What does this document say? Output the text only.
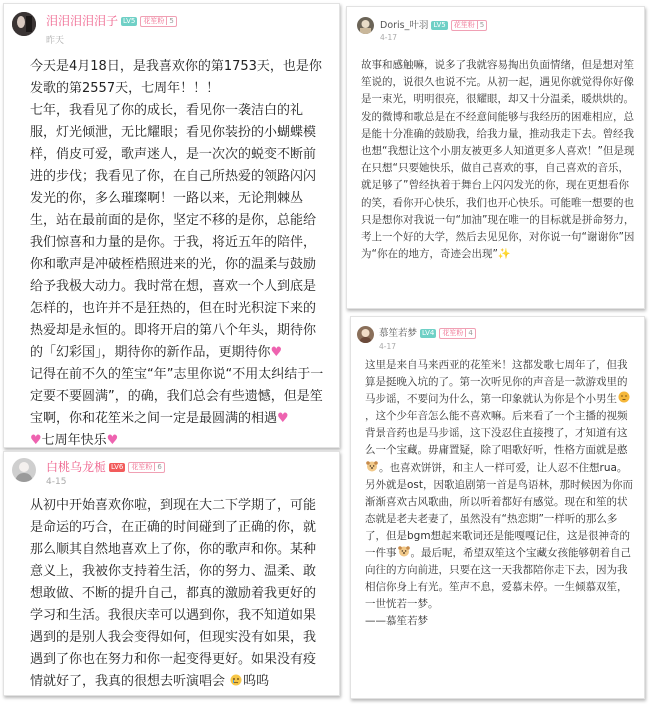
泪泪泪泪泪子 LV5 花笙粉 5
昨天
今天是4月18日，是我喜欢你的第1753天，也是你发歌的第2557天，七周年！！！
七年，我看见了你的成长，看见你一袭洁白的礼服，灯光倾泄，无比耀眼；看见你装扮的小蝴蝶模样，俏皮可爱，歌声迷人，是一次次的蜕变不断前进的步伐；我看见了你，在自己所热爱的领路闪闪发光的你，多么璀璨啊！一路以来，无论荆棘丛生，站在最前面的是你，坚定不移的是你，总能给我们惊喜和力量的是你。于我，将近五年的陪伴，你和歌声是冲破桎梏照进来的光，你的温柔与鼓励给予我极大动力。我时常在想，喜欢一个人到底是怎样的，也许并不是狂热的，但在时光积淀下来的热爱却是永恒的。即将开启的第八个年头，期待你的「幻彩国」，期待你的新作品，更期待你♥
记得在前不久的笙宝“年”志里你说“不用太纠结于一定要不要圆满”，的确，我们总会有些遗憾，但是笙宝啊，你和花笙米之间一定是最圆满的相遇♥
♥七周年快乐♥
白桃乌龙栀 LV6 花笙粉 6
4-15
从初中开始喜欢你啦，到现在大二下学期了，可能是命运的巧合，在正确的时间碰到了正确的你，就那么顺其自然地喜欢上了你，你的歌声和你。某种意义上，我被你支持着生活，你的努力、温柔、敢想敢做、不断的提升自己，都真的激励着我更好的学习和生活。我很庆幸可以遇到你，我不知道如果遇到的是别人我会变得如何，但现实没有如果，我遇到了你也在努力和你一起变得更好。如果没有疫情就好了，我真的很想去听演唱会 呜呜
Doris_叶羽 LV5 花笙粉 5
4-17
故事和感触嘛，说多了我就容易掏出负面情绪，但是想对笙笙说的，说很久也说不完。从初一起，遇见你就觉得你好像是一束光，明明很亮，很耀眼，却又十分温柔，暖烘烘的。发的微博和歌总是在不经意间能够与我经历的困难相应，总是能十分准确的鼓励我，给我力量，推动我走下去。曾经我也想“我想让这个小朋友被更多人知道更多人喜欢！”但是现在只想“只要她快乐，做自己喜欢的事，自己喜欢的音乐，就足够了”曾经执着于舞台上闪闪发光的你，现在更想看你的笑，看你开心快乐，我们也开心快乐。可能唯一想要的也只是想你对我说一句“加油”现在唯一的目标就是拼命努力，考上一个好的大学，然后去见见你，对你说一句“谢谢你”因为“你在的地方，奇迹会出现”✨
慕笙若梦 LV4 花笙粉 4
4-17
这里是来自马来西亚的花笙米！这都发歌七周年了，但我算是挺晚入坑的了。第一次听见你的声音是一款游戏里的马步谣，不要问为什么，第一印象就认为你是个小男生，这个少年音怎么能不喜欢嘛。后来看了一个主播的视频背景音药也是马步谣，这下没忍住直接搜了，才知道有这么一个宝藏。毋庸置疑，除了唱歌好听，性格方面就是憨。也喜欢饼饼，和主人一样可爱，让人忍不住想rua。另外就是ost，因歌追剧第一首是鸟语林，那时候因为你而渐渐喜欢古风歌曲，所以听着都好有感觉。现在和笙的状态就是老夫老妻了，虽然没有“热恋期”一样听的那么多了，但是bgm想起来歌词还是能嘎嘎记住，这是很神奇的一件事 。最后呢，希望双笙这个宝藏女孩能够朝着自己向往的方向前进，只要在这一天我都陪你走下去，因为我相信你身上有光。笙声不息，爱慕未停。一生倾慕双笙，一世恍若一梦。
——慕笙若梦
